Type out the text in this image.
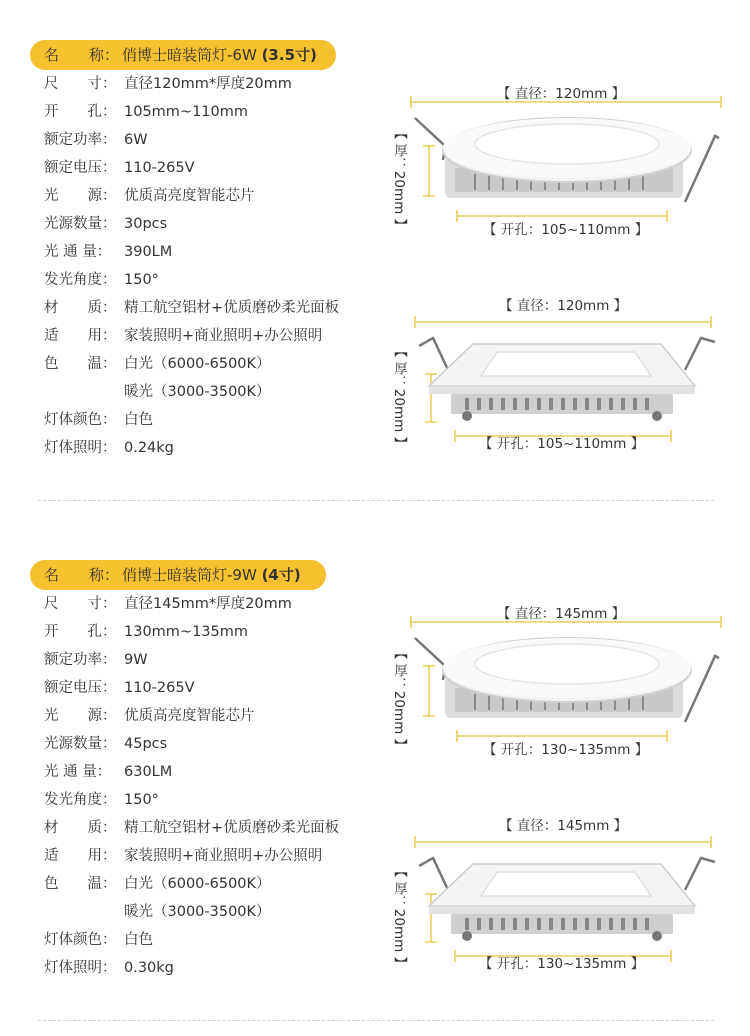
名　　称： 俏博士暗装筒灯-6W (3.5寸)
尺　　寸： 直径120mm*厚度20mm
开　　孔： 105mm~110mm
额定功率： 6W
额定电压： 110-265V
光　　源： 优质高亮度智能芯片
光源数量： 30pcs
光 通 量： 390LM
发光角度： 150°
材　　质： 精工航空铝材+优质磨砂柔光面板
适　　用： 家装照明+商业照明+办公照明
色　　温： 白光（6000-6500K）
暖光（3000-3500K）
灯体颜色： 白色
灯体照明： 0.24kg
【 直径：120mm 】
【 厚：20mm 】	【 开孔：105~110mm 】
【 直径：120mm 】
【 厚：20mm 】	【 开孔：105~110mm 】
名　　称： 俏博士暗装筒灯-9W (4寸)
尺　　寸： 直径145mm*厚度20mm
开　　孔： 130mm~135mm
额定功率： 9W
额定电压： 110-265V
光　　源： 优质高亮度智能芯片
光源数量： 45pcs
光 通 量： 630LM
发光角度： 150°
材　　质： 精工航空铝材+优质磨砂柔光面板
适　　用： 家装照明+商业照明+办公照明
色　　温： 白光（6000-6500K）
暖光（3000-3500K）
灯体颜色： 白色
灯体照明： 0.30kg
【 直径：145mm 】
【 厚：20mm 】	【 开孔：130~135mm 】
【 直径：145mm 】
【 厚：20mm 】	【 开孔：130~135mm 】
